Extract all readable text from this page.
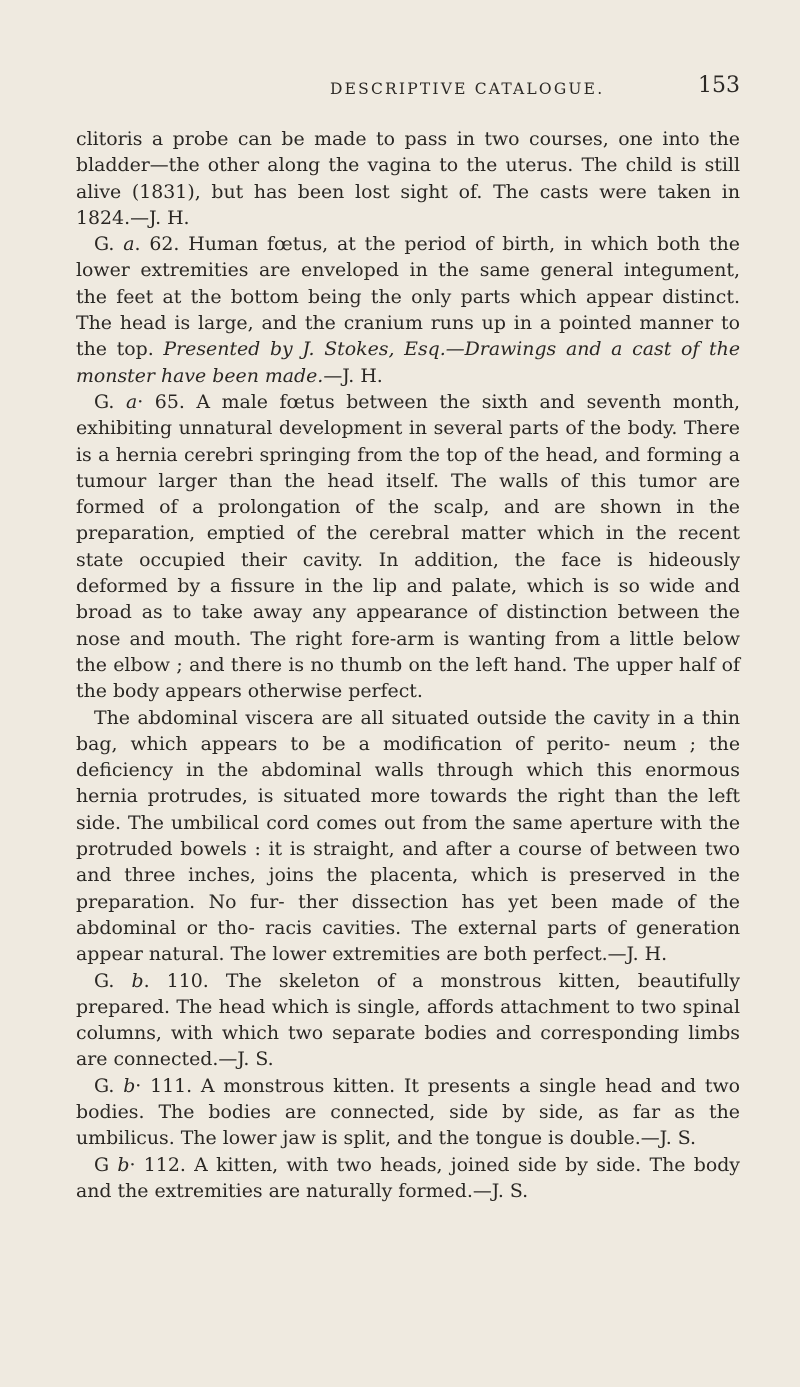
DESCRIPTIVE CATALOGUE.	153

clitoris a probe can be made to pass in two courses, one into the bladder—the other along the vagina to the uterus. The child is still alive (1831), but has been lost sight of. The casts were taken in 1824.—J. H.

G. a. 62. Human fœtus, at the period of birth, in which both the lower extremities are enveloped in the same general integument, the feet at the bottom being the only parts which appear distinct. The head is large, and the cranium runs up in a pointed manner to the top. Presented by J. Stokes, Esq.—Drawings and a cast of the monster have been made.—J. H.

G. a· 65. A male fœtus between the sixth and seventh month, exhibiting unnatural development in several parts of the body. There is a hernia cerebri springing from the top of the head, and forming a tumour larger than the head itself. The walls of this tumor are formed of a prolongation of the scalp, and are shown in the preparation, emptied of the cerebral matter which in the recent state occupied their cavity. In addition, the face is hideously deformed by a fissure in the lip and palate, which is so wide and broad as to take away any appearance of distinction between the nose and mouth. The right fore-arm is wanting from a little below the elbow ; and there is no thumb on the left hand. The upper half of the body appears otherwise perfect.

The abdominal viscera are all situated outside the cavity in a thin bag, which appears to be a modification of perito- neum ; the deficiency in the abdominal walls through which this enormous hernia protrudes, is situated more towards the right than the left side. The umbilical cord comes out from the same aperture with the protruded bowels : it is straight, and after a course of between two and three inches, joins the placenta, which is preserved in the preparation. No fur- ther dissection has yet been made of the abdominal or tho- racis cavities. The external parts of generation appear natural. The lower extremities are both perfect.—J. H.

G. b. 110. The skeleton of a monstrous kitten, beautifully prepared. The head which is single, affords attachment to two spinal columns, with which two separate bodies and corresponding limbs are connected.—J. S.

G. b· 111. A monstrous kitten. It presents a single head and two bodies. The bodies are connected, side by side, as far as the umbilicus. The lower jaw is split, and the tongue is double.—J. S.

G b· 112. A kitten, with two heads, joined side by side. The body and the extremities are naturally formed.—J. S.
